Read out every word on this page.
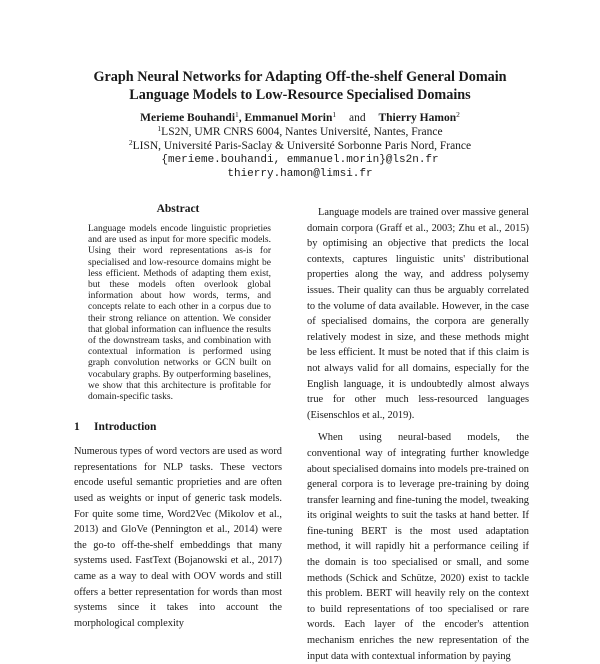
Graph Neural Networks for Adapting Off-the-shelf General Domain
Language Models to Low-Resource Specialised Domains
Merieme Bouhandi$^1$, Emmanuel Morin$^1$ and Thierry Hamon$^2$
$^1$LS2N, UMR CNRS 6004, Nantes Université, Nantes, France
$^2$LISN, Université Paris-Saclay & Université Sorbonne Paris Nord, France
{merieme.bouhandi, emmanuel.morin}@ls2n.fr
thierry.hamon@limsi.fr
Abstract
Language models encode linguistic proprieties and are used as input for more specific models. Using their word representations as-is for specialised and low-resource domains might be less efficient. Methods of adapting them exist, but these models often overlook global information about how words, terms, and concepts relate to each other in a corpus due to their strong reliance on attention. We consider that global information can influence the results of the downstream tasks, and combination with contextual information is performed using graph convolution networks or GCN built on vocabulary graphs. By outperforming baselines, we show that this architecture is profitable for domain-specific tasks.
1 Introduction

Numerous types of word vectors are used as word representations for NLP tasks. These vectors encode useful semantic proprieties and are often used as weights or input of generic task models. For quite some time, Word2Vec (Mikolov et al., 2013) and GloVe (Pennington et al., 2014) were the go-to off-the-shelf embeddings that many systems used. FastText (Bojanowski et al., 2017) came as a way to deal with OOV words and still offers a better representation for words than most systems since it takes into account the morphological complexity

Language models are trained over massive general domain corpora (Graff et al., 2003; Zhu et al., 2015) by optimising an objective that predicts the local contexts, captures linguistic units' distributional properties along the way, and address polysemy issues. Their quality can thus be arguably correlated to the volume of data available. However, in the case of specialised domains, the corpora are generally relatively modest in size, and these methods might be less efficient. It must be noted that if this claim is not always valid for all domains, especially for the English language, it is undoubtedly almost always true for other much less-resourced languages (Eisenschlos et al., 2019).

When using neural-based models, the conventional way of integrating further knowledge about specialised domains into models pre-trained on general corpora is to leverage pre-training by doing transfer learning and fine-tuning the model, tweaking its original weights to suit the tasks at hand better. If fine-tuning BERT is the most used adaptation method, it will rapidly hit a performance ceiling if the domain is too specialised or small, and some methods (Schick and Schütze, 2020) exist to tackle this problem. BERT will heavily rely on the context to build representations of too specialised or rare words. Each layer of the encoder's attention mechanism enriches the new representation of the input data with contextual information by paying
